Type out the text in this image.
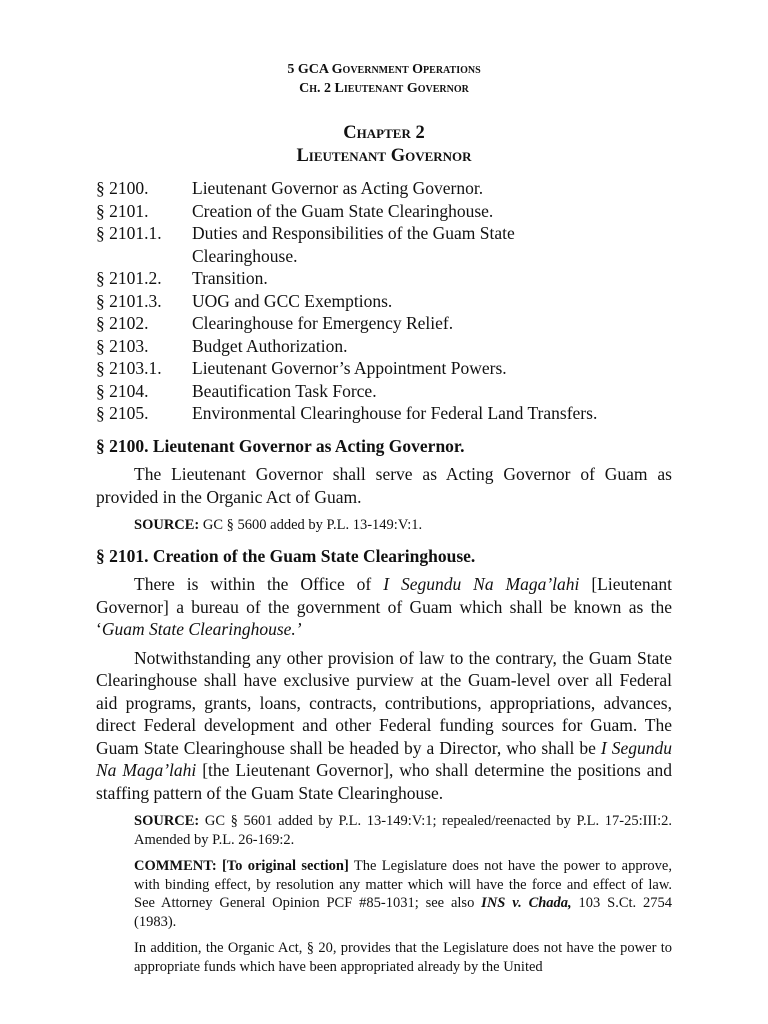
5 GCA Government Operations
Ch. 2 Lieutenant Governor
Chapter 2
Lieutenant Governor
§ 2100.	Lieutenant Governor as Acting Governor.
§ 2101.	Creation of the Guam State Clearinghouse.
§ 2101.1.	Duties and Responsibilities of the Guam State Clearinghouse.
§ 2101.2.	Transition.
§ 2101.3.	UOG and GCC Exemptions.
§ 2102.	Clearinghouse for Emergency Relief.
§ 2103.	Budget Authorization.
§ 2103.1.	Lieutenant Governor’s Appointment Powers.
§ 2104.	Beautification Task Force.
§ 2105.	Environmental Clearinghouse for Federal Land Transfers.
§ 2100. Lieutenant Governor as Acting Governor.

The Lieutenant Governor shall serve as Acting Governor of Guam as provided in the Organic Act of Guam.

SOURCE: GC § 5600 added by P.L. 13-149:V:1.
§ 2101. Creation of the Guam State Clearinghouse.

There is within the Office of I Segundu Na Maga’lahi [Lieutenant Governor] a bureau of the government of Guam which shall be known as the ‘Guam State Clearinghouse.’

Notwithstanding any other provision of law to the contrary, the Guam State Clearinghouse shall have exclusive purview at the Guam-level over all Federal aid programs, grants, loans, contracts, contributions, appropriations, advances, direct Federal development and other Federal funding sources for Guam. The Guam State Clearinghouse shall be headed by a Director, who shall be I Segundu Na Maga’lahi [the Lieutenant Governor], who shall determine the positions and staffing pattern of the Guam State Clearinghouse.

SOURCE: GC § 5601 added by P.L. 13-149:V:1; repealed/reenacted by P.L. 17-25:III:2. Amended by P.L. 26-169:2.
COMMENT: [To original section] The Legislature does not have the power to approve, with binding effect, by resolution any matter which will have the force and effect of law. See Attorney General Opinion PCF #85-1031; see also INS v. Chada, 103 S.Ct. 2754 (1983).
In addition, the Organic Act, § 20, provides that the Legislature does not have the power to appropriate funds which have been appropriated already by the United
